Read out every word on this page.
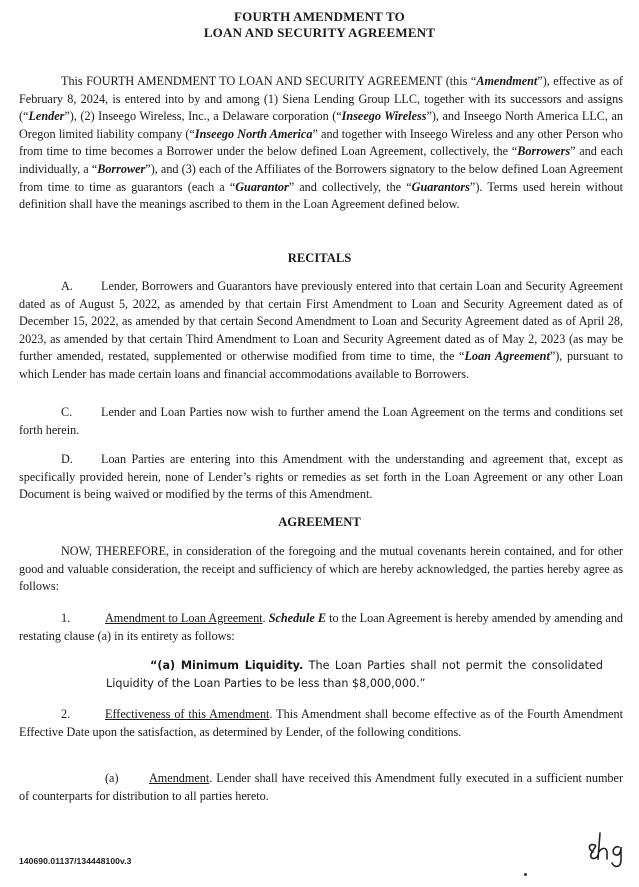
FOURTH AMENDMENT TO
LOAN AND SECURITY AGREEMENT
This FOURTH AMENDMENT TO LOAN AND SECURITY AGREEMENT (this “Amendment”), effective as of February 8, 2024, is entered into by and among (1) Siena Lending Group LLC, together with its successors and assigns (“Lender”), (2) Inseego Wireless, Inc., a Delaware corporation (“Inseego Wireless”), and Inseego North America LLC, an Oregon limited liability company (“Inseego North America” and together with Inseego Wireless and any other Person who from time to time becomes a Borrower under the below defined Loan Agreement, collectively, the “Borrowers” and each individually, a “Borrower”), and (3) each of the Affiliates of the Borrowers signatory to the below defined Loan Agreement from time to time as guarantors (each a “Guarantor” and collectively, the “Guarantors”). Terms used herein without definition shall have the meanings ascribed to them in the Loan Agreement defined below.
RECITALS
A. Lender, Borrowers and Guarantors have previously entered into that certain Loan and Security Agreement dated as of August 5, 2022, as amended by that certain First Amendment to Loan and Security Agreement dated as of December 15, 2022, as amended by that certain Second Amendment to Loan and Security Agreement dated as of April 28, 2023, as amended by that certain Third Amendment to Loan and Security Agreement dated as of May 2, 2023 (as may be further amended, restated, supplemented or otherwise modified from time to time, the “Loan Agreement”), pursuant to which Lender has made certain loans and financial accommodations available to Borrowers.
C. Lender and Loan Parties now wish to further amend the Loan Agreement on the terms and conditions set forth herein.
D. Loan Parties are entering into this Amendment with the understanding and agreement that, except as specifically provided herein, none of Lender’s rights or remedies as set forth in the Loan Agreement or any other Loan Document is being waived or modified by the terms of this Amendment.
AGREEMENT
NOW, THEREFORE, in consideration of the foregoing and the mutual covenants herein contained, and for other good and valuable consideration, the receipt and sufficiency of which are hereby acknowledged, the parties hereby agree as follows:
1.	Amendment to Loan Agreement. Schedule E to the Loan Agreement is hereby amended by amending and restating clause (a) in its entirety as follows:
“(a) Minimum Liquidity. The Loan Parties shall not permit the consolidated Liquidity of the Loan Parties to be less than $8,000,000.”
2.	Effectiveness of this Amendment. This Amendment shall become effective as of the Fourth Amendment Effective Date upon the satisfaction, as determined by Lender, of the following conditions.
(a) Amendment. Lender shall have received this Amendment fully executed in a sufficient number of counterparts for distribution to all parties hereto.
140690.01137/134448100v.3
